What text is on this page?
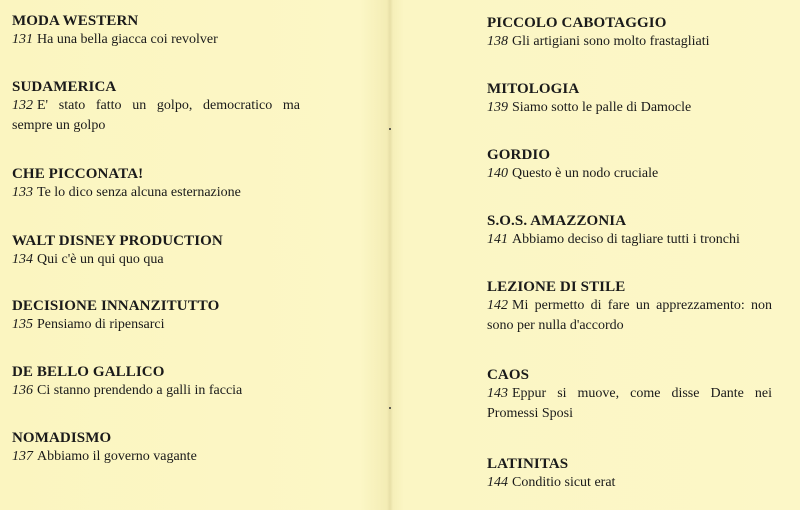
MODA WESTERN

131 Ha una bella giacca coi revolver

SUDAMERICA

132 E' stato fatto un golpo, democratico ma sempre un golpo

CHE PICCONATA!

133 Te lo dico senza alcuna esternazione

WALT DISNEY PRODUCTION

134 Qui c'è un qui quo qua

DECISIONE INNANZITUTTO

135 Pensiamo di ripensarci

DE BELLO GALLICO

136 Ci stanno prendendo a galli in faccia

NOMADISMO

137 Abbiamo il governo vagante

PICCOLO CABOTAGGIO

138 Gli artigiani sono molto frastagliati

MITOLOGIA

139 Siamo sotto le palle di Damocle

GORDIO

140 Questo è un nodo cruciale

S.O.S. AMAZZONIA

141 Abbiamo deciso di tagliare tutti i tronchi

LEZIONE DI STILE

142 Mi permetto di fare un apprezzamento: non sono per nulla d'accordo

CAOS

143 Eppur si muove, come disse Dante nei Promessi Sposi

LATINITAS

144 Conditio sicut erat
